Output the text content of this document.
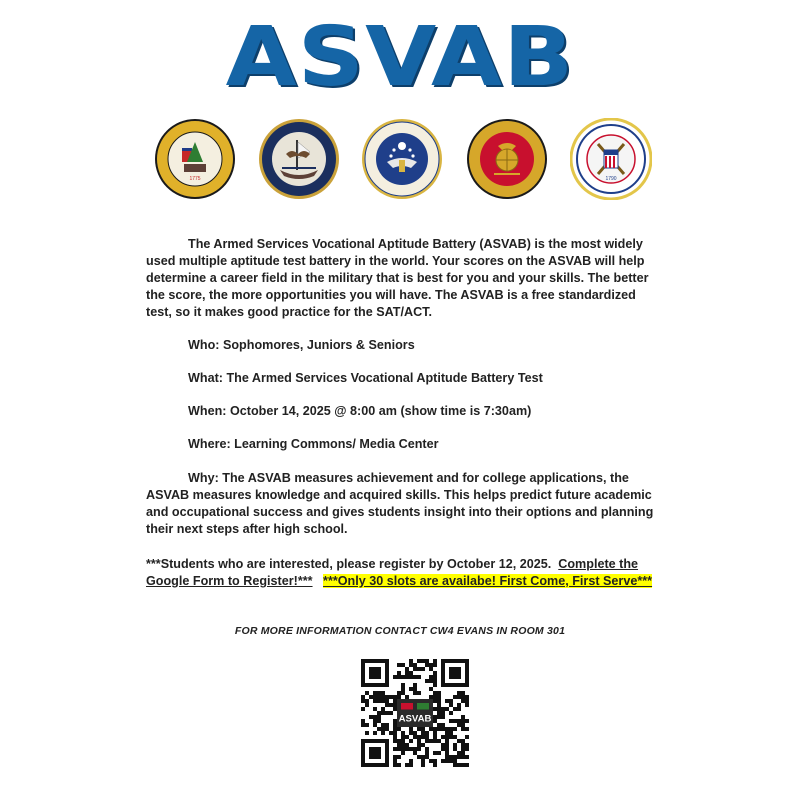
ASVAB
1775	1790

The Armed Services Vocational Aptitude Battery (ASVAB) is the most widely used multiple aptitude test battery in the world. Your scores on the ASVAB will help determine a career field in the military that is best for you and your skills. The better the score, the more opportunities you will have. The ASVAB is a free standardized test, so it makes good practice for the SAT/ACT.

Who: Sophomores, Juniors & Seniors
What: The Armed Services Vocational Aptitude Battery Test
When: October 14, 2025 @ 8:00 am (show time is 7:30am)
Where: Learning Commons/ Media Center

Why: The ASVAB measures achievement and for college applications, the ASVAB measures knowledge and acquired skills. This helps predict future academic and occupational success and gives students insight into their options and planning their next steps after high school.

***Students who are interested, please register by October 12, 2025. Complete the Google Form to Register!*** ***Only 30 slots are availabe! First Come, First Serve***

FOR MORE INFORMATION CONTACT CW4 EVANS IN ROOM 301
ASVAB
